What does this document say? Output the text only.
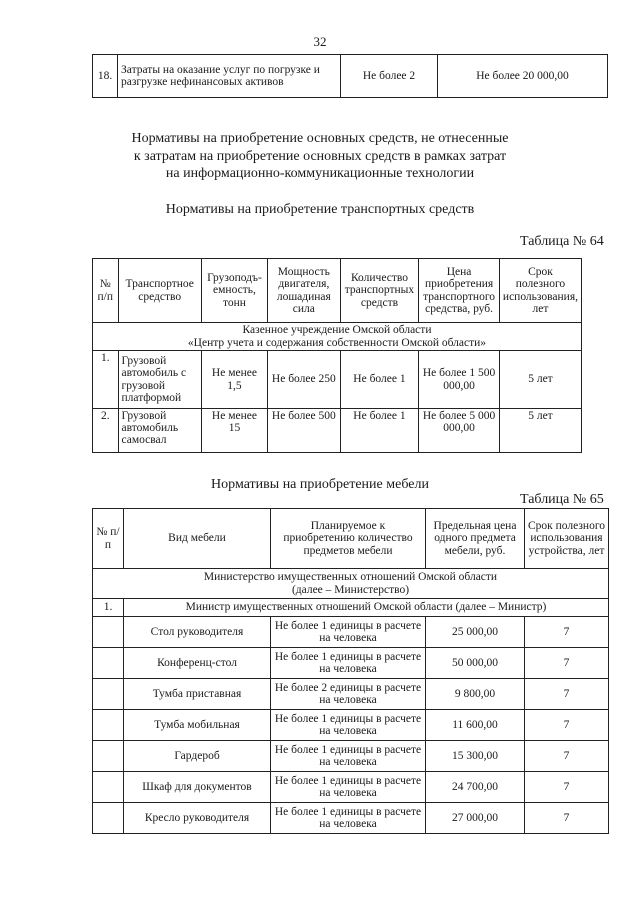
32
18.	Затраты на оказание услуг по погрузке и разгрузке нефинансовых активов	Не более 2	Не более 20 000,00
Нормативы на приобретение основных средств, не отнесенные
к затратам на приобретение основных средств в рамках затрат
на информационно-коммуникационные технологии
Нормативы на приобретение транспортных средств
Таблица № 64
№ п/п	Транспортное средство	Грузоподъ-емность, тонн	Мощность двигателя, лошадиная сила	Количество транспортных средств	Цена приобретения транспортного средства, руб.	Срок полезного использования, лет

Казенное учреждение Омской области
«Центр учета и содержания собственности Омской области»						

1.	Грузовой автомобиль с грузовой платформой	Не менее 1,5	Не более 250	Не более 1	Не более 1 500 000,00	5 лет
2.	Грузовой автомобиль самосвал	Не менее 15	Не более 500	Не более 1	Не более 5 000 000,00	5 лет
Нормативы на приобретение мебели
Таблица № 65
№ п/п	Вид мебели	Планируемое к приобретению количество предметов мебели	Предельная цена одного предмета мебели, руб.	Срок полезного использования устройства, лет

Министерство имущественных отношений Омской области
(далее – Министерство)				

1.	Министр имущественных отношений Омской области (далее – Министр)			
	Стол руководителя	Не более 1 единицы в расчете на человека	25 000,00	7
	Конференц-стол	Не более 1 единицы в расчете на человека	50 000,00	7
	Тумба приставная	Не более 2 единицы в расчете на человека	9 800,00	7
	Тумба мобильная	Не более 1 единицы в расчете на человека	11 600,00	7
	Гардероб	Не более 1 единицы в расчете на человека	15 300,00	7
	Шкаф для документов	Не более 1 единицы в расчете на человека	24 700,00	7
	Кресло руководителя	Не более 1 единицы в расчете на человека	27 000,00	7
